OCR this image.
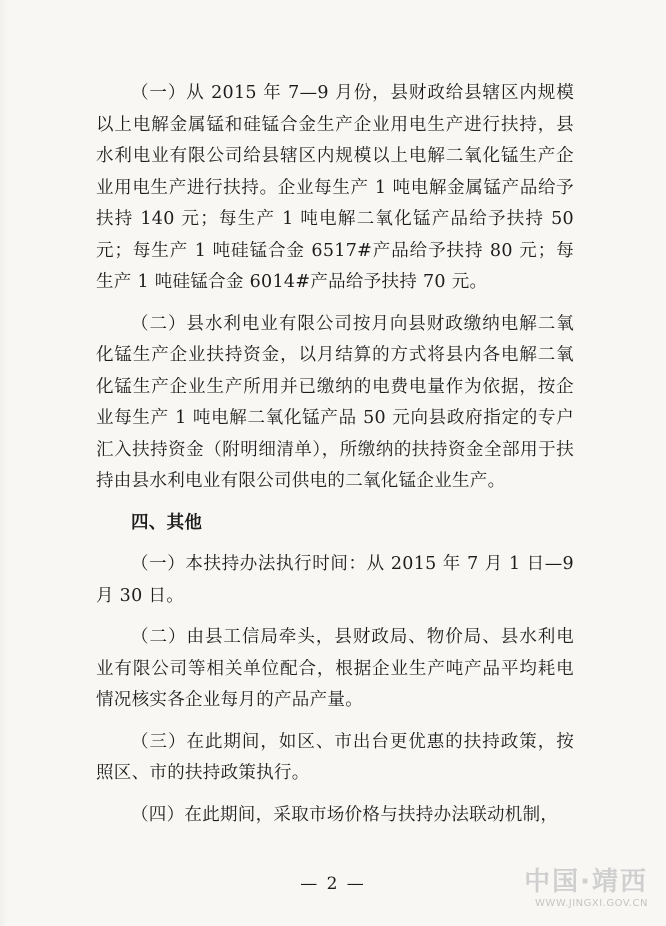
（一）从 2015 年 7—9 月份，县财政给县辖区内规模以上电解金属锰和硅锰合金生产企业用电生产进行扶持，县水利电业有限公司给县辖区内规模以上电解二氧化锰生产企业用电生产进行扶持。企业每生产 1 吨电解金属锰产品给予扶持 140 元；每生产 1 吨电解二氧化锰产品给予扶持 50 元；每生产 1 吨硅锰合金 6517#产品给予扶持 80 元；每生产 1 吨硅锰合金 6014#产品给予扶持 70 元。

（二）县水利电业有限公司按月向县财政缴纳电解二氧化锰生产企业扶持资金，以月结算的方式将县内各电解二氧化锰生产企业生产所用并已缴纳的电费电量作为依据，按企业每生产 1 吨电解二氧化锰产品 50 元向县政府指定的专户汇入扶持资金（附明细清单），所缴纳的扶持资金全部用于扶持由县水利电业有限公司供电的二氧化锰企业生产。

四、其他

（一）本扶持办法执行时间：从 2015 年 7 月 1 日—9 月 30 日。

（二）由县工信局牵头，县财政局、物价局、县水利电业有限公司等相关单位配合，根据企业生产吨产品平均耗电情况核实各企业每月的产品产量。

（三）在此期间，如区、市出台更优惠的扶持政策，按照区、市的扶持政策执行。

（四）在此期间，采取市场价格与扶持办法联动机制，

— 2 —	中国·靖西
WWW.JINGXI.GOV.CN
